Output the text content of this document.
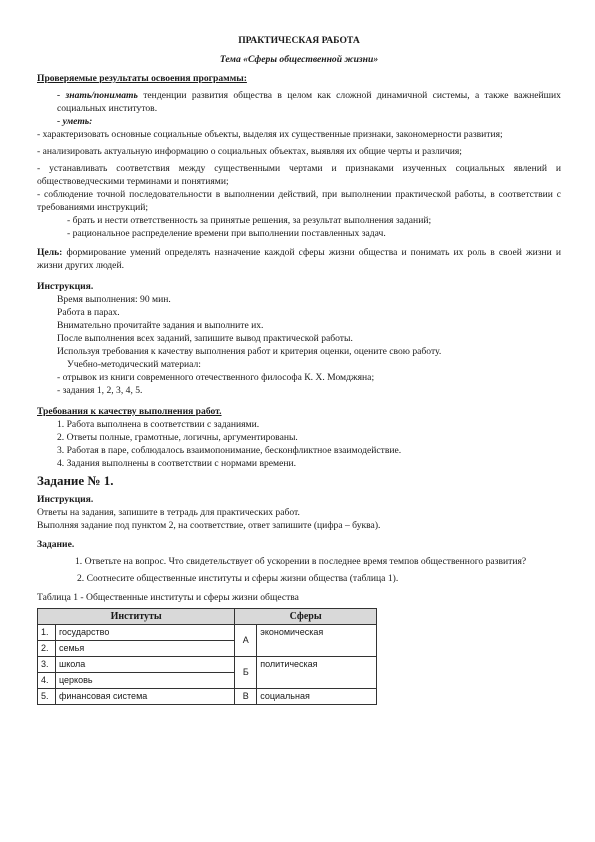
ПРАКТИЧЕСКАЯ РАБОТА

Тема «Сферы общественной жизни»

Проверяемые результаты освоения программы:

- знать/понимать тенденции развития общества в целом как сложной динамичной системы, а также важнейших социальных институтов.

- уметь:

- характеризовать основные социальные объекты, выделяя их существенные признаки, закономерности развития;

- анализировать актуальную информацию о социальных объектах, выявляя их общие черты и различия;

- устанавливать соответствия между существенными чертами и признаками изученных социальных явлений и обществоведческими терминами и понятиями;

- соблюдение точной последовательности в выполнении действий, при выполнении практической работы, в соответствии с требованиями инструкций;

- брать и нести ответственность за принятые решения, за результат выполнения заданий;

- рациональное распределение времени при выполнении поставленных задач.

Цель: формирование умений определять назначение каждой сферы жизни общества и понимать их роль в своей жизни и жизни других людей.

Инструкция.

Время выполнения: 90 мин.

Работа в парах.

Внимательно прочитайте задания и выполните их.

После выполнения всех заданий, запишите вывод практической работы.

Используя требования к качеству выполнения работ и критерия оценки, оцените свою работу.

Учебно-методический материал:

- отрывок из книги современного отечественного философа К. Х. Момджяна;

- задания 1, 2, 3, 4, 5.

Требования к качеству выполнения работ.

1. Работа выполнена в соответствии с заданиями.

2. Ответы полные, грамотные, логичны, аргументированы.

3. Работая в паре, соблюдалось взаимопонимание, бесконфликтное взаимодействие.

4. Задания выполнены в соответствии с нормами времени.

Задание № 1.

Инструкция.

Ответы на задания, запишите в тетрадь для практических работ.

Выполняя задание под пунктом 2, на соответствие, ответ запишите (цифра – буква).

Задание.

1. Ответьте на вопрос. Что свидетельствует об ускорении в последнее время темпов общественного развития?

2. Соотнесите общественные институты и сферы жизни общества (таблица 1).

Таблица 1 - Общественные институты и сферы жизни общества

Институты		Сферы	
1.	государство	А	экономическая
2.	семья		
3.	школа	Б	политическая
4.	церковь		
5.	финансовая система	В	социальная
